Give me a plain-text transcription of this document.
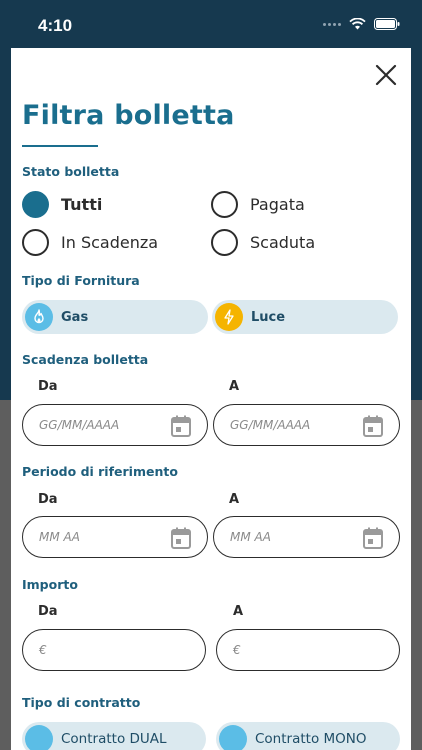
4:10
Filtra bolletta
Stato bolletta
Tutti	Pagata
In Scadenza	Scaduta
Tipo di Fornitura
Gas	Luce
Scadenza bolletta
Da	A
GG/MM/AAAA	GG/MM/AAAA
Periodo di riferimento
Da	A
MM AA	MM AA
Importo
Da	A
€	€
Tipo di contratto
Contratto DUAL	Contratto MONO
